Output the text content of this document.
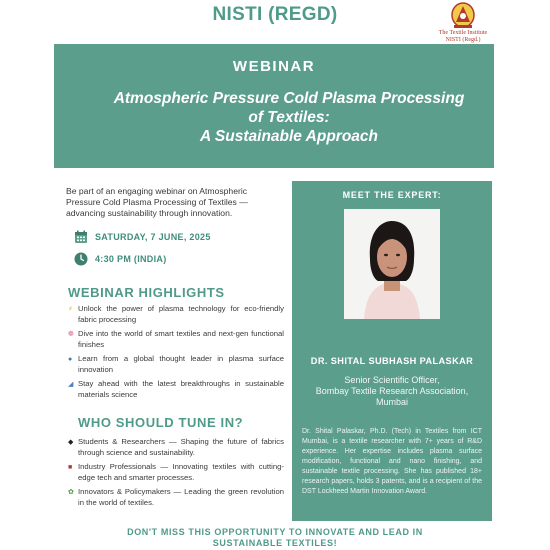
NISTI (REGD)
The Textile Institute
NISTI (Regd.)
WEBINAR
Atmospheric Pressure Cold Plasma Processing
of Textiles:
A Sustainable Approach
Be part of an engaging webinar on Atmospheric Pressure Cold Plasma Processing of Textiles — advancing sustainability through innovation.
SATURDAY, 7 JUNE, 2025
4:30 PM (INDIA)
WEBINAR HIGHLIGHTS
⚡ Unlock the power of plasma technology for eco-friendly fabric processing
❁ Dive into the world of smart textiles and next-gen functional finishes
● Learn from a global thought leader in plasma surface innovation
◢ Stay ahead with the latest breakthroughs in sustainable materials science
WHO SHOULD TUNE IN?
◆ Students & Researchers — Shaping the future of fabrics through science and sustainability.
■ Industry Professionals — Innovating textiles with cutting-edge tech and smarter processes.
✿ Innovators & Policymakers — Leading the green revolution in the world of textiles.
MEET THE EXPERT:
DR. SHITAL SUBHASH PALASKAR
Senior Scientific Officer,
Bombay Textile Research Association,
Mumbai
Dr. Shital Palaskar, Ph.D. (Tech) in Textiles from ICT Mumbai, is a textile researcher with 7+ years of R&D experience. Her expertise includes plasma surface modification, functional and nano finishing, and sustainable textile processing. She has published 18+ research papers, holds 3 patents, and is a recipient of the DST Lockheed Martin Innovation Award.
DON'T MISS THIS OPPORTUNITY TO INNOVATE AND LEAD IN
SUSTAINABLE TEXTILES!
